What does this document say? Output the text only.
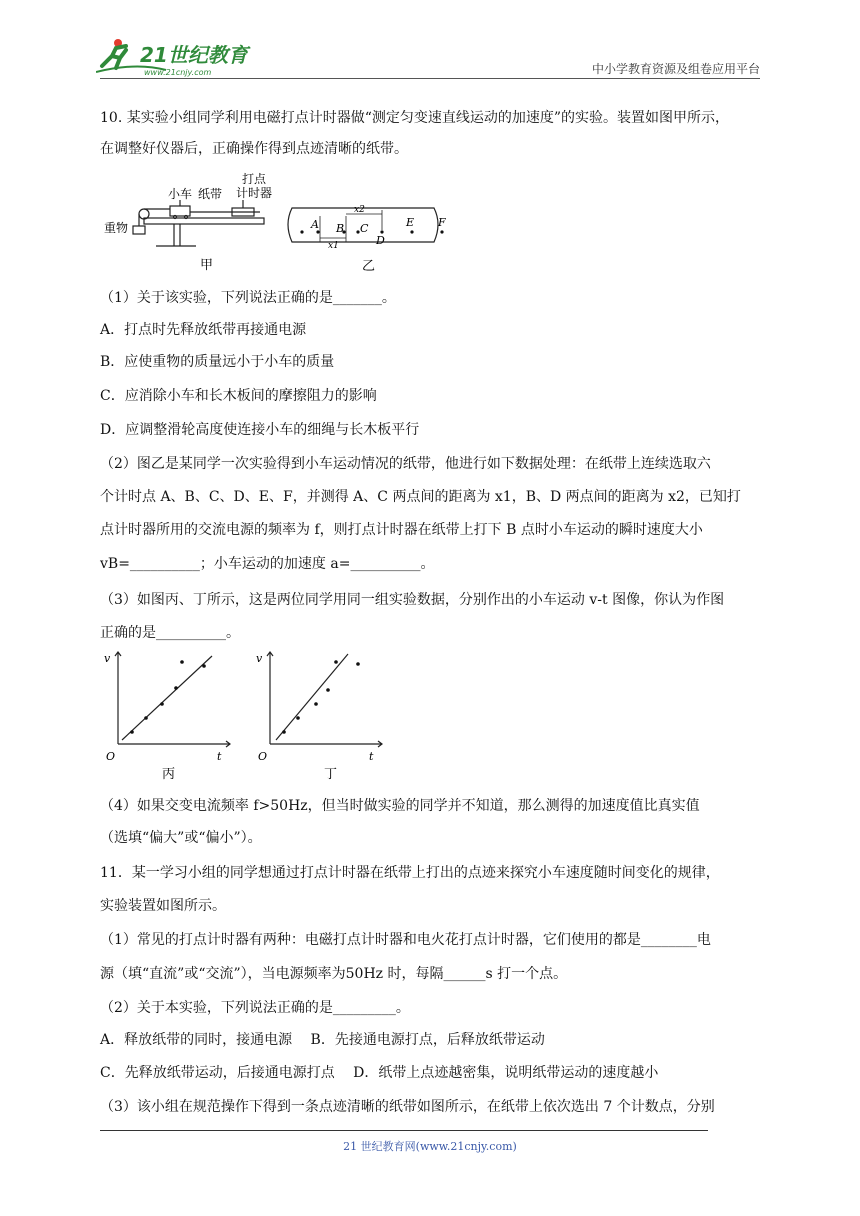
21世纪教育
www.21cnjy.com	中小学教育资源及组卷应用平台
10. 某实验小组同学利用电磁打点计时器做“测定匀变速直线运动的加速度”的实验。装置如图甲所示，
在调整好仪器后，正确操作得到点迹清晰的纸带。
小车 纸带
打点
计时器
重物
甲
A B C
D
E F
x1
x2
乙
（1）关于该实验，下列说法正确的是_______。
A．打点时先释放纸带再接通电源
B．应使重物的质量远小于小车的质量
C．应消除小车和长木板间的摩擦阻力的影响
D．应调整滑轮高度使连接小车的细绳与长木板平行
（2）图乙是某同学一次实验得到小车运动情况的纸带，他进行如下数据处理：在纸带上连续选取六
个计时点 A、B、C、D、E、F，并测得 A、C 两点间的距离为 x1，B、D 两点间的距离为 x2，已知打
点计时器所用的交流电源的频率为 f，则打点计时器在纸带上打下 B 点时小车运动的瞬时速度大小
vB=__________；小车运动的加速度 a=__________。
（3）如图丙、丁所示，这是两位同学用同一组实验数据，分别作出的小车运动 v-t 图像，你认为作图
正确的是__________。
v
t
O
丙
v
t
O
丁
（4）如果交变电流频率 f>50Hz，但当时做实验的同学并不知道，那么测得的加速度值比真实值
（选填“偏大”或“偏小”）。
11．某一学习小组的同学想通过打点计时器在纸带上打出的点迹来探究小车速度随时间变化的规律，
实验装置如图所示。
（1）常见的打点计时器有两种：电磁打点计时器和电火花打点计时器，它们使用的都是________电
源（填“直流”或“交流”），当电源频率为50Hz 时，每隔______s 打一个点。
（2）关于本实验，下列说法正确的是_________。
A．释放纸带的同时，接通电源　 B．先接通电源打点，后释放纸带运动
C．先释放纸带运动，后接通电源打点　 D．纸带上点迹越密集，说明纸带运动的速度越小
（3）该小组在规范操作下得到一条点迹清晰的纸带如图所示，在纸带上依次选出 7 个计数点，分别
21 世纪教育网(www.21cnjy.com)
